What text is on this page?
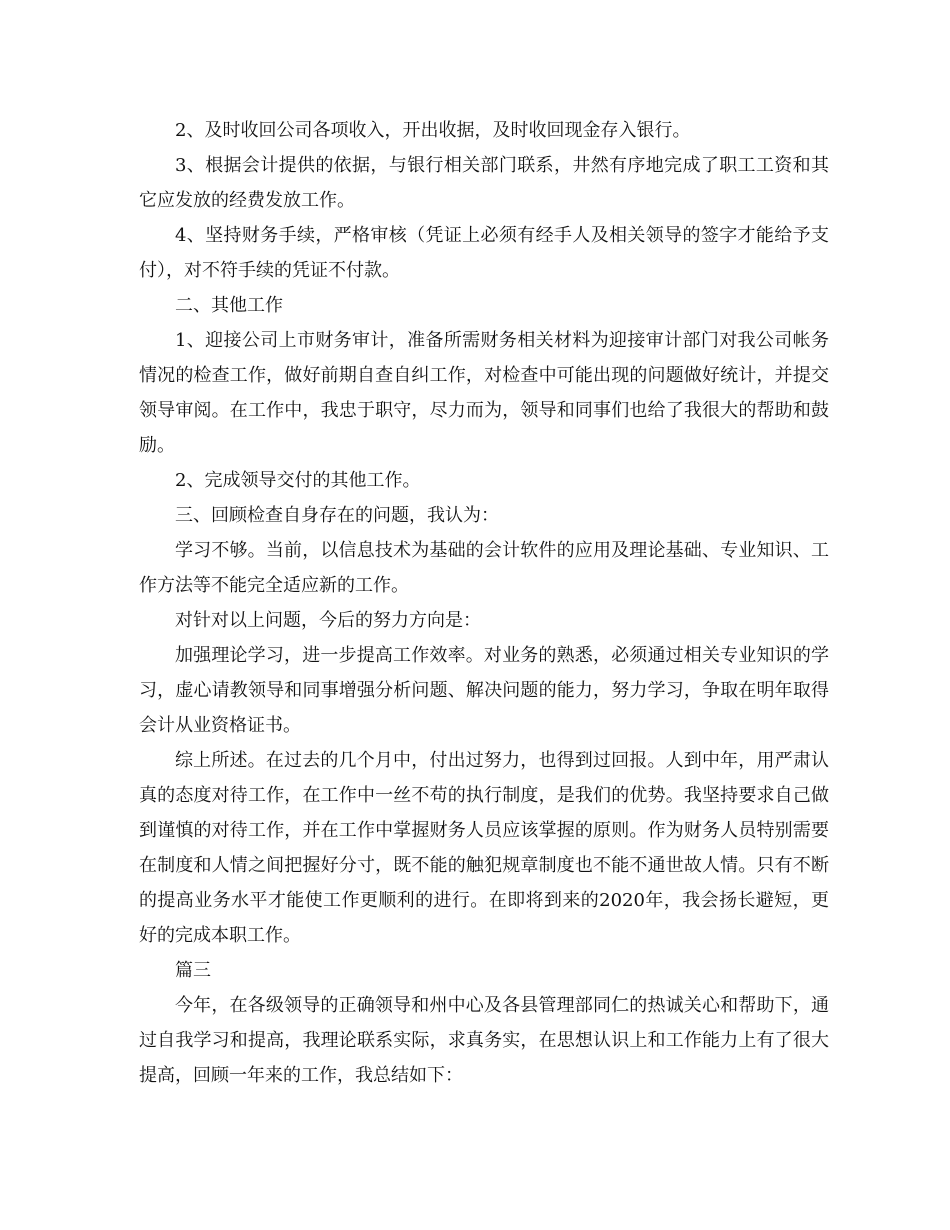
2、及时收回公司各项收入，开出收据，及时收回现金存入银行。

3、根据会计提供的依据，与银行相关部门联系，井然有序地完成了职工工资和其它应发放的经费发放工作。

4、坚持财务手续，严格审核（凭证上必须有经手人及相关领导的签字才能给予支付），对不符手续的凭证不付款。

二、其他工作

1、迎接公司上市财务审计，准备所需财务相关材料为迎接审计部门对我公司帐务情况的检查工作，做好前期自查自纠工作，对检查中可能出现的问题做好统计，并提交领导审阅。在工作中，我忠于职守，尽力而为，领导和同事们也给了我很大的帮助和鼓励。

2、完成领导交付的其他工作。

三、回顾检查自身存在的问题，我认为：

学习不够。当前，以信息技术为基础的会计软件的应用及理论基础、专业知识、工作方法等不能完全适应新的工作。

对针对以上问题，今后的努力方向是：

加强理论学习，进一步提高工作效率。对业务的熟悉，必须通过相关专业知识的学习，虚心请教领导和同事增强分析问题、解决问题的能力，努力学习，争取在明年取得会计从业资格证书。

综上所述。在过去的几个月中，付出过努力，也得到过回报。人到中年，用严肃认真的态度对待工作，在工作中一丝不苟的执行制度，是我们的优势。我坚持要求自己做到谨慎的对待工作，并在工作中掌握财务人员应该掌握的原则。作为财务人员特别需要在制度和人情之间把握好分寸，既不能的触犯规章制度也不能不通世故人情。只有不断的提高业务水平才能使工作更顺利的进行。在即将到来的2020年，我会扬长避短，更好的完成本职工作。

篇三

今年，在各级领导的正确领导和州中心及各县管理部同仁的热诚关心和帮助下，通过自我学习和提高，我理论联系实际，求真务实，在思想认识上和工作能力上有了很大提高，回顾一年来的工作，我总结如下：
